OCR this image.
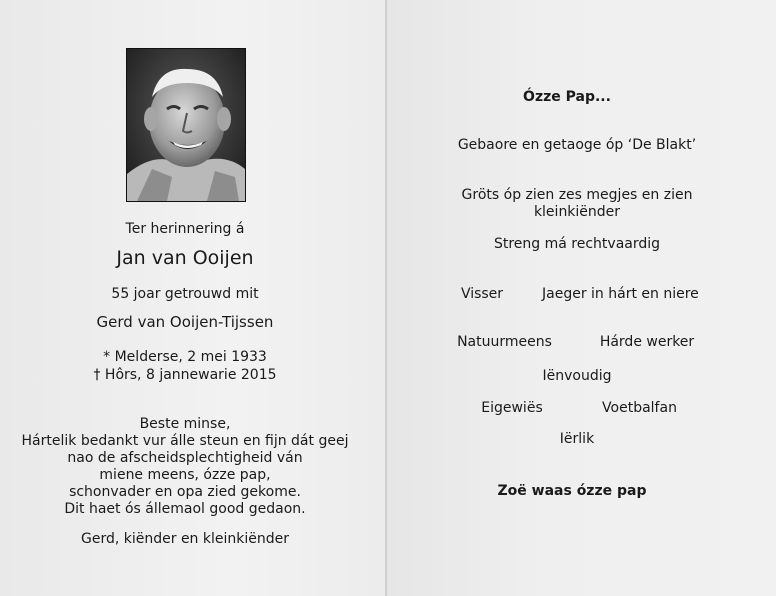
Ter herinnering á
Jan van Ooijen
55 joar getrouwd mit
Gerd van Ooijen-Tijssen
* Melderse, 2 mei 1933
† Hôrs, 8 jannewarie 2015
Beste minse,
Hártelik bedankt vur álle steun en fijn dát geej
nao de afscheidsplechtigheid ván
miene meens, ózze pap,
schonvader en opa zied gekome.
Dit haet ós állemaol good gedaon.
Gerd, kiënder en kleinkiënder
Ózze Pap...
Gebaore en getaoge óp ‘De Blakt’
Gröts óp zien zes megjes en zien
kleinkiënder
Streng má rechtvaardig
Visser	Jaeger in hárt en niere
Natuurmeens	Hárde werker
Iënvoudig
Eigewiës	Voetbalfan
Iërlik
Zoë waas ózze pap
